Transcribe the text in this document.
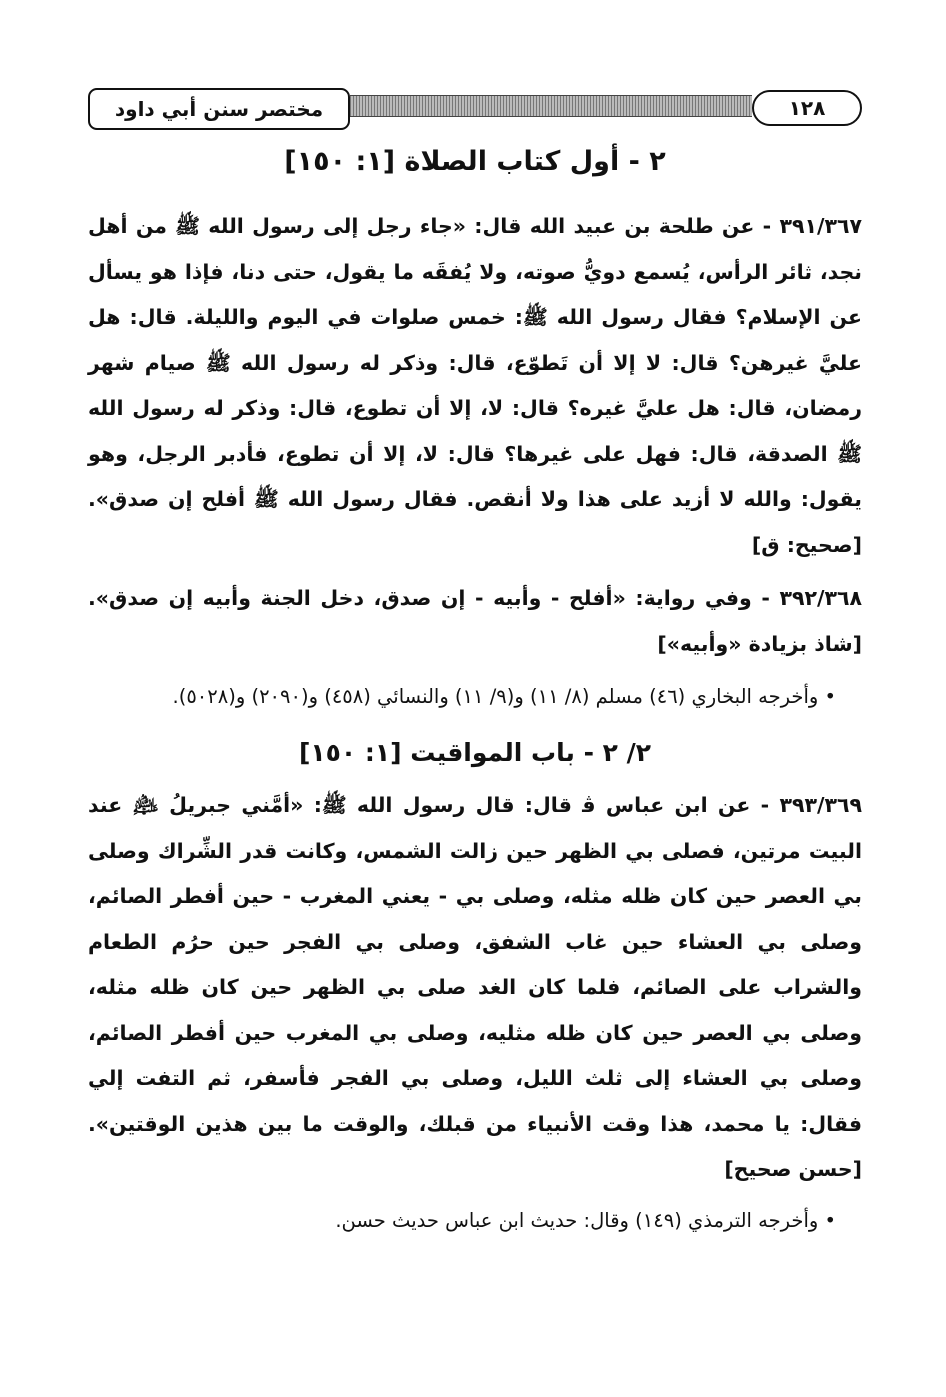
مختصر سنن أبي داود	١٢٨
٢ - أول كتاب الصلاة [١: ١٥٠]

٣٩١/٣٦٧ - عن طلحة بن عبيد الله قال: «جاء رجل إلى رسول الله ﷺ من أهل نجد، ثائر الرأس، يُسمع دويُّ صوته، ولا يُفقَه ما يقول، حتى دنا، فإذا هو يسأل عن الإسلام؟ فقال رسول الله ﷺ: خمس صلوات في اليوم والليلة. قال: هل عليَّ غيرهن؟ قال: لا إلا أن تَطوّع، قال: وذكر له رسول الله ﷺ صيام شهر رمضان، قال: هل عليَّ غيره؟ قال: لا، إلا أن تطوع، قال: وذكر له رسول الله ﷺ الصدقة، قال: فهل على غيرها؟ قال: لا، إلا أن تطوع، فأدبر الرجل، وهو يقول: والله لا أزيد على هذا ولا أنقص. فقال رسول الله ﷺ أفلح إن صدق». [صحيح: ق]

٣٩٢/٣٦٨ - وفي رواية: «أفلح - وأبيه - إن صدق، دخل الجنة وأبيه إن صدق». [شاذ بزيادة «وأبيه»]

• وأخرجه البخاري (٤٦) مسلم (٨/ ١١) و(٩/ ١١) والنسائي (٤٥٨) و(٢٠٩٠) و(٥٠٢٨).

٢/ ٢ - باب المواقيت [١: ١٥٠]

٣٩٣/٣٦٩ - عن ابن عباس ﭬ قال: قال رسول الله ﷺ: «أمَّني جبريلُ ﵇ عند البيت مرتين، فصلى بي الظهر حين زالت الشمس، وكانت قدر الشِّراك وصلى بي العصر حين كان ظله مثله، وصلى بي - يعني المغرب - حين أفطر الصائم، وصلى بي العشاء حين غاب الشفق، وصلى بي الفجر حين حرُم الطعام والشراب على الصائم، فلما كان الغد صلى بي الظهر حين كان ظله مثله، وصلى بي العصر حين كان ظله مثليه، وصلى بي المغرب حين أفطر الصائم، وصلى بي العشاء إلى ثلث الليل، وصلى بي الفجر فأسفر، ثم التفت إلي فقال: يا محمد، هذا وقت الأنبياء من قبلك، والوقت ما بين هذين الوقتين». [حسن صحيح]

• وأخرجه الترمذي (١٤٩) وقال: حديث ابن عباس حديث حسن.
